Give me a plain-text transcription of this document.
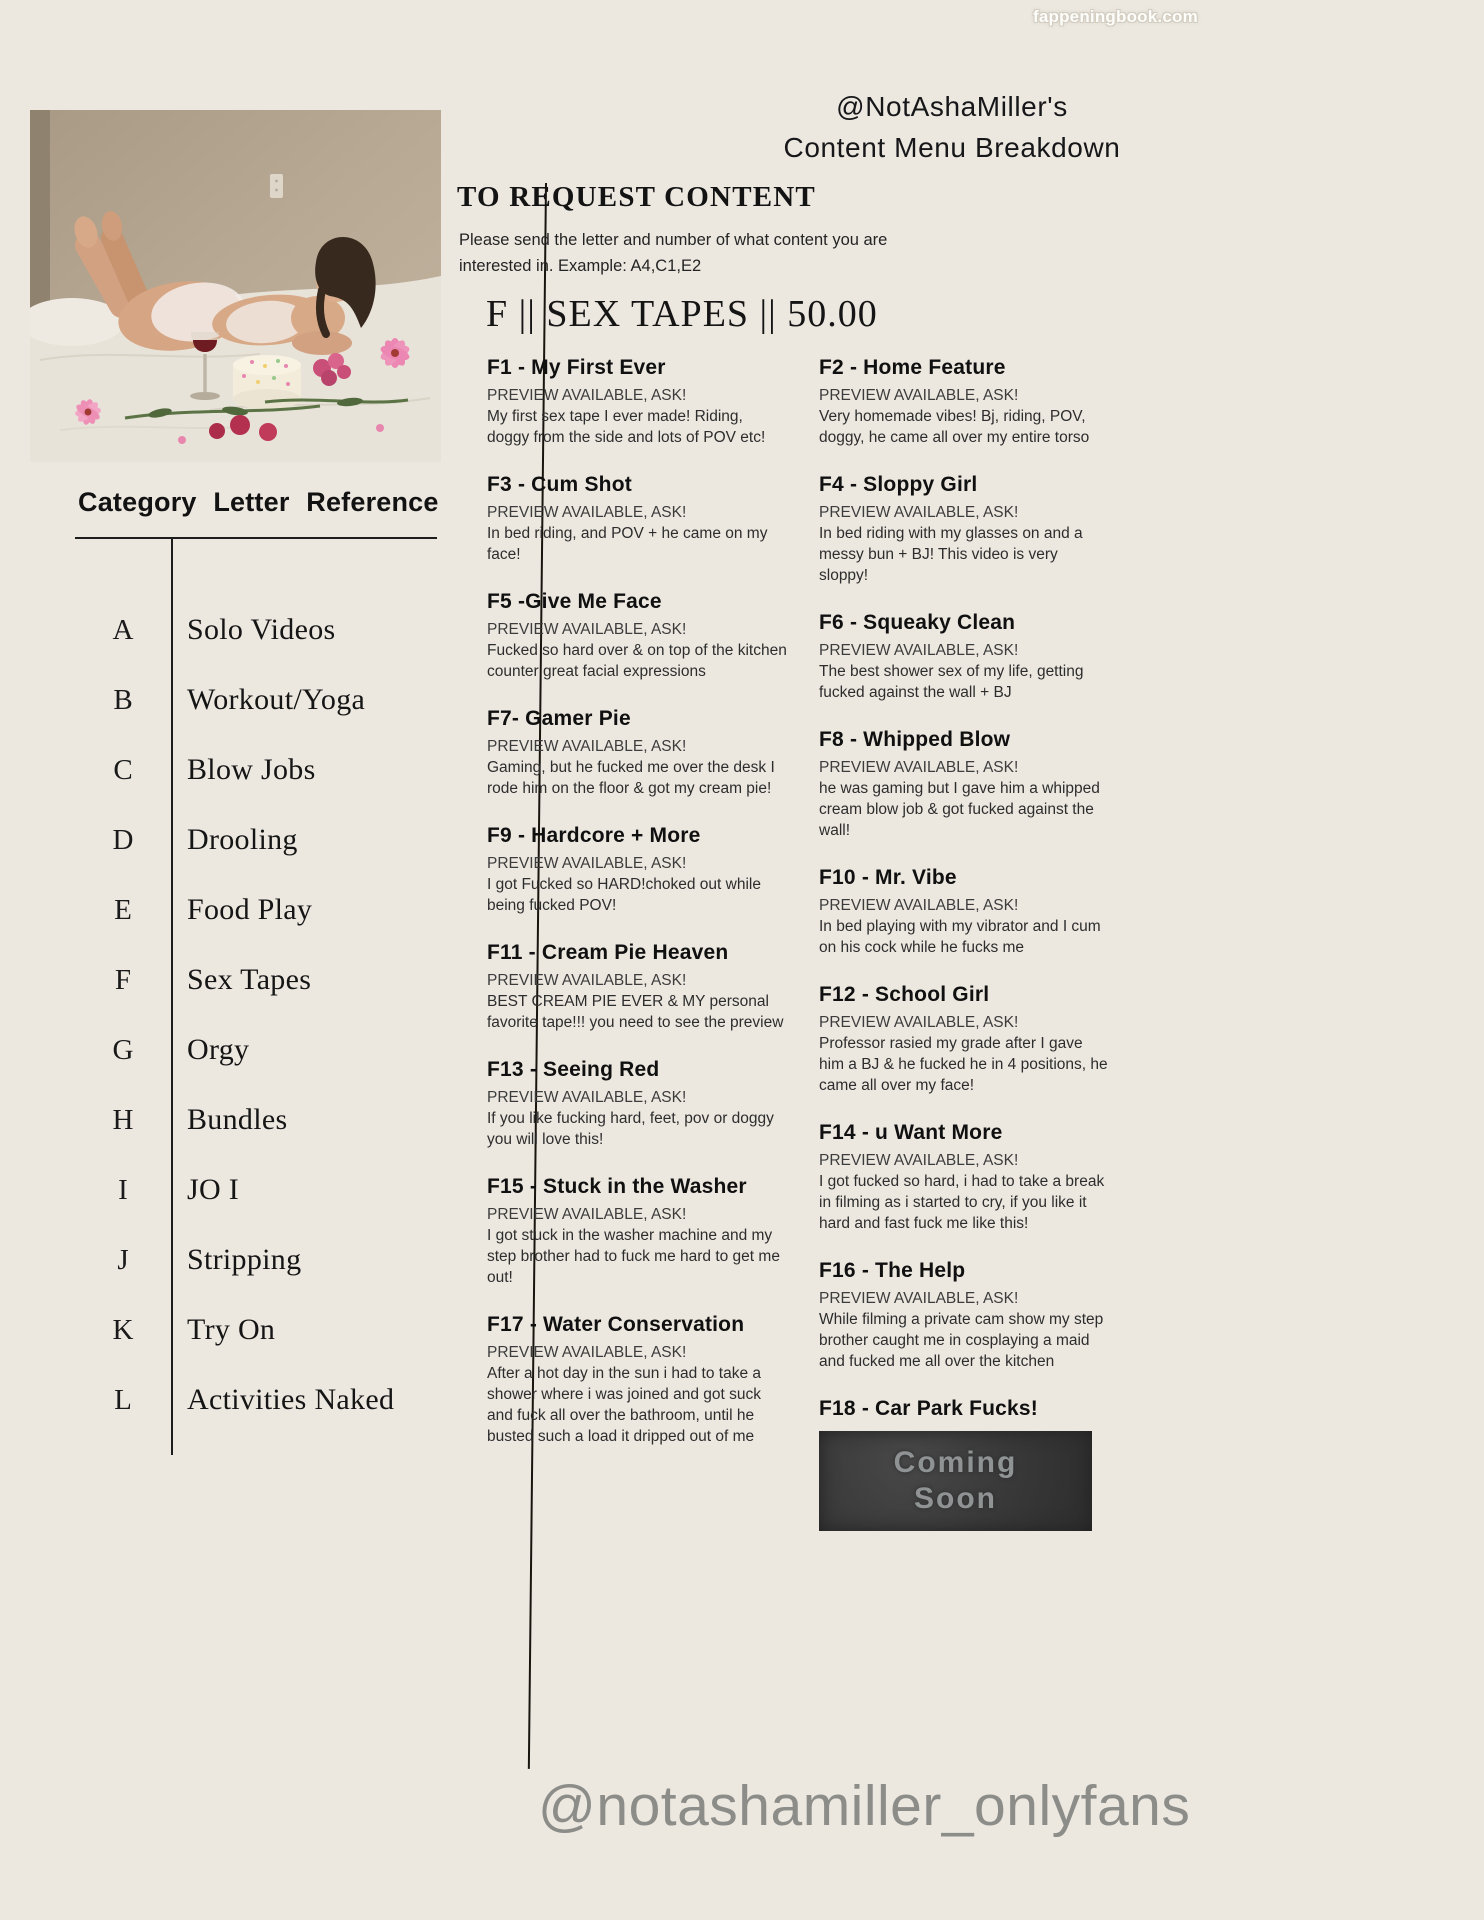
fappeningbook.com
@NotAshaMiller's
Content Menu Breakdown
TO REQUEST CONTENT
Please send the letter and number of what content you are interested in. Example: A4,C1,E2
F || SEX TAPES || 50.00
F1 - My First Ever
PREVIEW AVAILABLE, ASK!
My first sex tape I ever made! Riding, doggy from the side and lots of POV etc!
F3 - Cum Shot
PREVIEW AVAILABLE, ASK!
In bed riding, and POV + he came on my face!
F5 -Give Me Face
PREVIEW AVAILABLE, ASK!
Fucked so hard over & on top of the kitchen counter great facial expressions
F7- Gamer Pie
PREVIEW AVAILABLE, ASK!
Gaming, but he fucked me over the desk I rode him on the floor & got my cream pie!
F9 - Hardcore + More
PREVIEW AVAILABLE, ASK!
I got Fucked so HARD!choked out while being fucked POV!
F11 - Cream Pie Heaven
PREVIEW AVAILABLE, ASK!
BEST CREAM PIE EVER & MY personal favorite tape!!! you need to see the preview
F13 - Seeing Red
PREVIEW AVAILABLE, ASK!
If you like fucking hard, feet, pov or doggy you will love this!
F15 - Stuck in the Washer
PREVIEW AVAILABLE, ASK!
I got stuck in the washer machine and my step brother had to fuck me hard to get me out!
F17 - Water Conservation
PREVIEW AVAILABLE, ASK!
After a hot day in the sun i had to take a shower where i was joined and got suck and fuck all over the bathroom, until he busted such a load it dripped out of me
F2 - Home Feature
PREVIEW AVAILABLE, ASK!
Very homemade vibes! Bj, riding, POV, doggy, he came all over my entire torso
F4 - Sloppy Girl
PREVIEW AVAILABLE, ASK!
In bed riding with my glasses on and a messy bun + BJ! This video is very sloppy!
F6 - Squeaky Clean
PREVIEW AVAILABLE, ASK!
The best shower sex of my life, getting fucked against the wall + BJ
F8 - Whipped Blow
PREVIEW AVAILABLE, ASK!
he was gaming but I gave him a whipped cream blow job & got fucked against the wall!
F10 - Mr. Vibe
PREVIEW AVAILABLE, ASK!
In bed playing with my vibrator and I cum on his cock while he fucks me
F12 - School Girl
PREVIEW AVAILABLE, ASK!
Professor rasied my grade after I gave him a BJ & he fucked he in 4 positions, he came all over my face!
F14 - u Want More
PREVIEW AVAILABLE, ASK!
I got fucked so hard, i had to take a break in filming as i started to cry, if you like it hard and fast fuck me like this!
F16 - The Help
PREVIEW AVAILABLE, ASK!
While filming a private cam show my step brother caught me in cosplaying a maid and fucked me all over the kitchen
F18 - Car Park Fucks!
Coming
Soon
Category Letter Reference
A	Solo Videos
B	Workout/Yoga
C	Blow Jobs
D	Drooling
E	Food Play
F	Sex Tapes
G	Orgy
H	Bundles
I	JO I
J	Stripping
K	Try On
L	Activities Naked
@notashamiller_onlyfans
